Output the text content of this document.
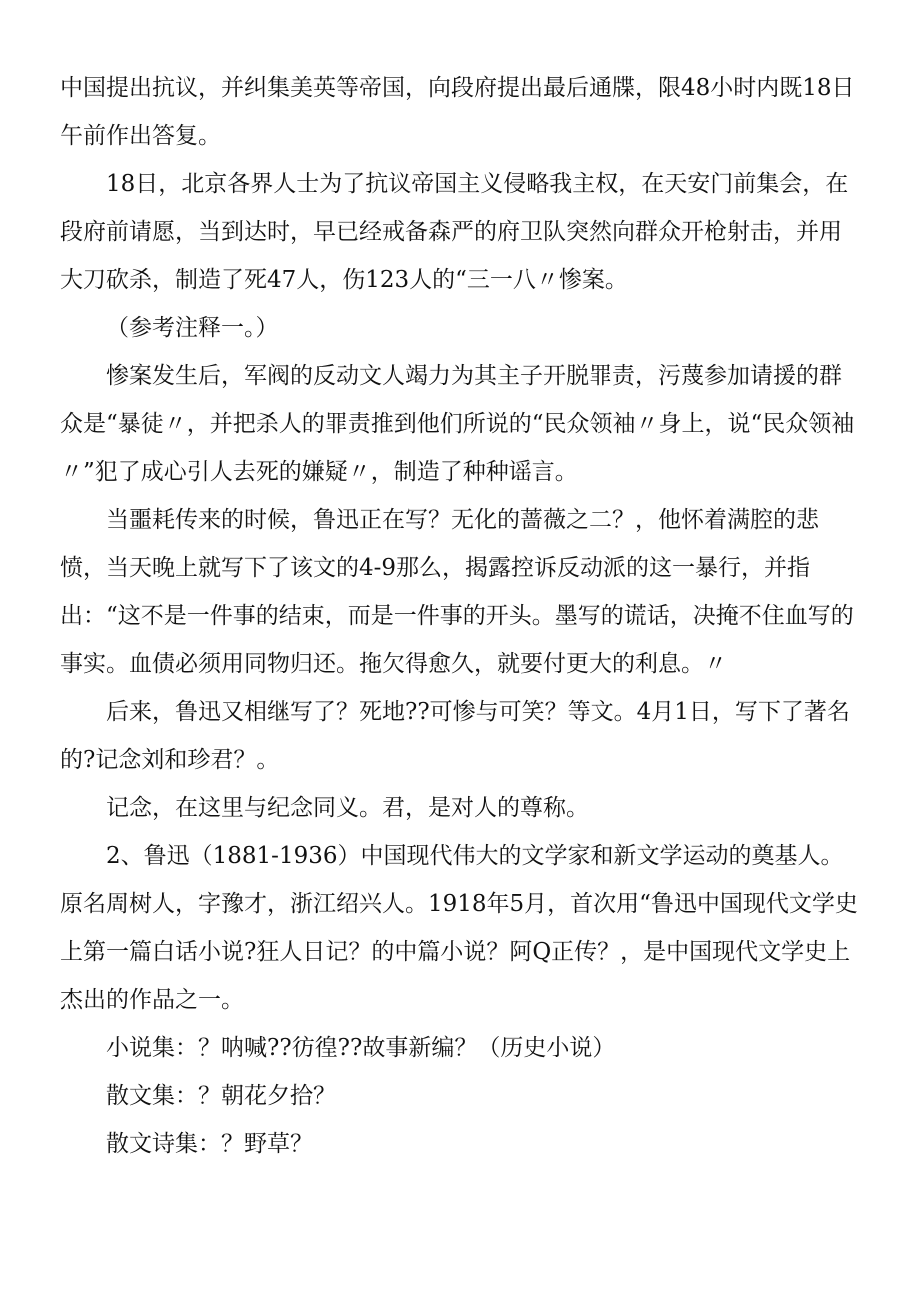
中国提出抗议，并纠集美英等帝国，向段府提出最后通牒，限48小时内既18日午前作出答复。

18日，北京各界人士为了抗议帝国主义侵略我主权，在天安门前集会，在段府前请愿，当到达时，早已经戒备森严的府卫队突然向群众开枪射击，并用大刀砍杀，制造了死47人，伤123人的“三一八〃惨案。

（参考注释一。）

惨案发生后，军阀的反动文人竭力为其主子开脱罪责，污蔑参加请援的群众是“暴徒〃，并把杀人的罪责推到他们所说的“民众领袖〃身上，说“民众领袖〃”犯了成心引人去死的嫌疑〃，制造了种种谣言。

当噩耗传来的时候，鲁迅正在写？无化的蔷薇之二？，他怀着满腔的悲愤，当天晚上就写下了该文的4-9那么，揭露控诉反动派的这一暴行，并指出：“这不是一件事的结束，而是一件事的开头。墨写的谎话，决掩不住血写的事实。血债必须用同物归还。拖欠得愈久，就要付更大的利息。〃

后来，鲁迅又相继写了？死地??可惨与可笑？等文。4月1日，写下了著名的?记念刘和珍君？。

记念，在这里与纪念同义。君，是对人的尊称。

2、鲁迅（1881-1936）中国现代伟大的文学家和新文学运动的奠基人。原名周树人，字豫才，浙江绍兴人。1918年5月，首次用“鲁迅中国现代文学史上第一篇白话小说?狂人日记？的中篇小说？阿Q正传？，是中国现代文学史上杰出的作品之一。

小说集：？呐喊??彷徨??故事新编？（历史小说）

散文集：？朝花夕拾？

散文诗集：？野草？
